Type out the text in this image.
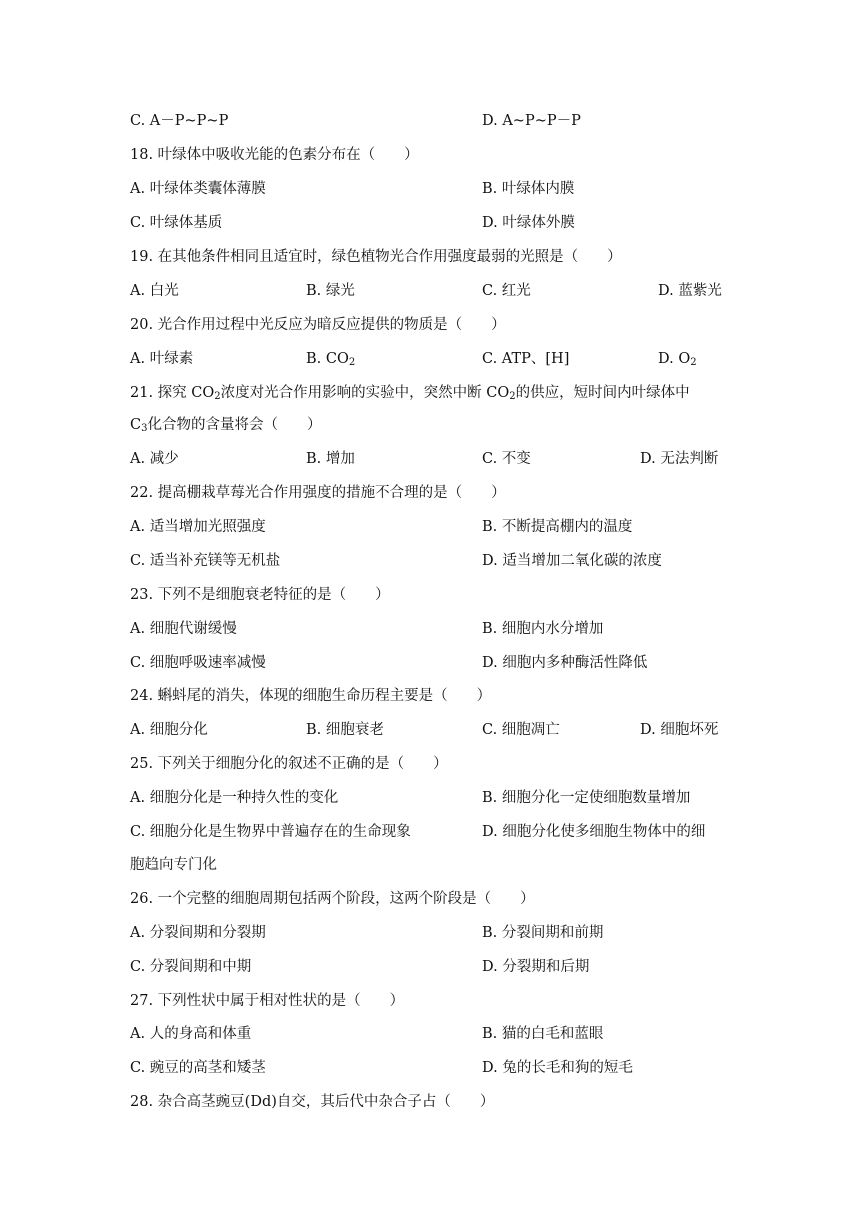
C. A－P~P~P	D. A~P~P－P
18. 叶绿体中吸收光能的色素分布在（　　）
A. 叶绿体类囊体薄膜	B. 叶绿体内膜
C. 叶绿体基质	D. 叶绿体外膜
19. 在其他条件相同且适宜时，绿色植物光合作用强度最弱的光照是（　　）
A. 白光	B. 绿光	C. 红光	D. 蓝紫光
20. 光合作用过程中光反应为暗反应提供的物质是（　　）
A. 叶绿素	B. $CO_2$	C. ATP、[H]	D. $O_2$
21. 探究 $CO_2$浓度对光合作用影响的实验中，突然中断 $CO_2$的供应，短时间内叶绿体中
$C_3$化合物的含量将会（　　）
A. 减少	B. 增加	C. 不变	D. 无法判断
22. 提高棚栽草莓光合作用强度的措施不合理的是（　　）
A. 适当增加光照强度	B. 不断提高棚内的温度
C. 适当补充镁等无机盐	D. 适当增加二氧化碳的浓度
23. 下列不是细胞衰老特征的是（　　）
A. 细胞代谢缓慢	B. 细胞内水分增加
C. 细胞呼吸速率减慢	D. 细胞内多种酶活性降低
24. 蝌蚪尾的消失，体现的细胞生命历程主要是（　　）
A. 细胞分化	B. 细胞衰老	C. 细胞凋亡	D. 细胞坏死
25. 下列关于细胞分化的叙述不正确的是（　　）
A. 细胞分化是一种持久性的变化	B. 细胞分化一定使细胞数量增加
C. 细胞分化是生物界中普遍存在的生命现象	D. 细胞分化使多细胞生物体中的细
胞趋向专门化
26. 一个完整的细胞周期包括两个阶段，这两个阶段是（　　）
A. 分裂间期和分裂期	B. 分裂间期和前期
C. 分裂间期和中期	D. 分裂期和后期
27. 下列性状中属于相对性状的是（　　）
A. 人的身高和体重	B. 猫的白毛和蓝眼
C. 豌豆的高茎和矮茎	D. 兔的长毛和狗的短毛
28. 杂合高茎豌豆(Dd)自交，其后代中杂合子占（　　）
